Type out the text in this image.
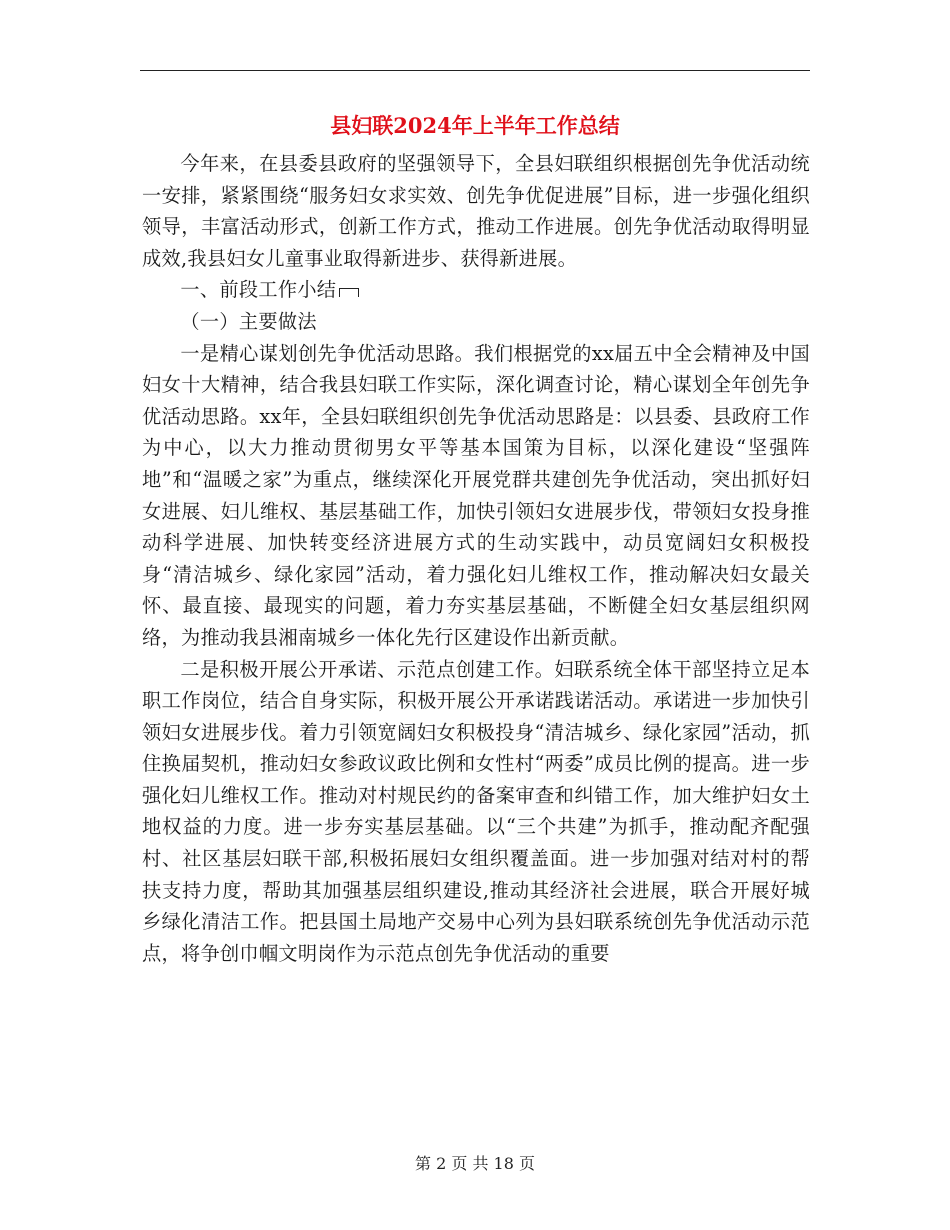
县妇联2024年上半年工作总结

今年来，在县委县政府的坚强领导下，全县妇联组织根据创先争优活动统一安排，紧紧围绕“服务妇女求实效、创先争优促进展”目标，进一步强化组织领导，丰富活动形式，创新工作方式，推动工作进展。创先争优活动取得明显成效,我县妇女儿童事业取得新进步、获得新进展。

一、前段工作小结

（一）主要做法

一是精心谋划创先争优活动思路。我们根据党的xx届五中全会精神及中国妇女十大精神，结合我县妇联工作实际，深化调查讨论，精心谋划全年创先争优活动思路。xx年，全县妇联组织创先争优活动思路是：以县委、县政府工作为中心，以大力推动贯彻男女平等基本国策为目标，以深化建设“坚强阵地”和“温暖之家”为重点，继续深化开展党群共建创先争优活动，突出抓好妇女进展、妇儿维权、基层基础工作，加快引领妇女进展步伐，带领妇女投身推动科学进展、加快转变经济进展方式的生动实践中，动员宽阔妇女积极投身“清洁城乡、绿化家园”活动，着力强化妇儿维权工作，推动解决妇女最关怀、最直接、最现实的问题，着力夯实基层基础，不断健全妇女基层组织网络，为推动我县湘南城乡一体化先行区建设作出新贡献。

二是积极开展公开承诺、示范点创建工作。妇联系统全体干部坚持立足本职工作岗位，结合自身实际，积极开展公开承诺践诺活动。承诺进一步加快引领妇女进展步伐。着力引领宽阔妇女积极投身“清洁城乡、绿化家园”活动，抓住换届契机，推动妇女参政议政比例和女性村“两委”成员比例的提高。进一步强化妇儿维权工作。推动对村规民约的备案审查和纠错工作，加大维护妇女土地权益的力度。进一步夯实基层基础。以“三个共建”为抓手，推动配齐配强村、社区基层妇联干部,积极拓展妇女组织覆盖面。进一步加强对结对村的帮扶支持力度，帮助其加强基层组织建设,推动其经济社会进展，联合开展好城乡绿化清洁工作。把县国土局地产交易中心列为县妇联系统创先争优活动示范点，将争创巾帼文明岗作为示范点创先争优活动的重要

第 2 页 共 18 页
